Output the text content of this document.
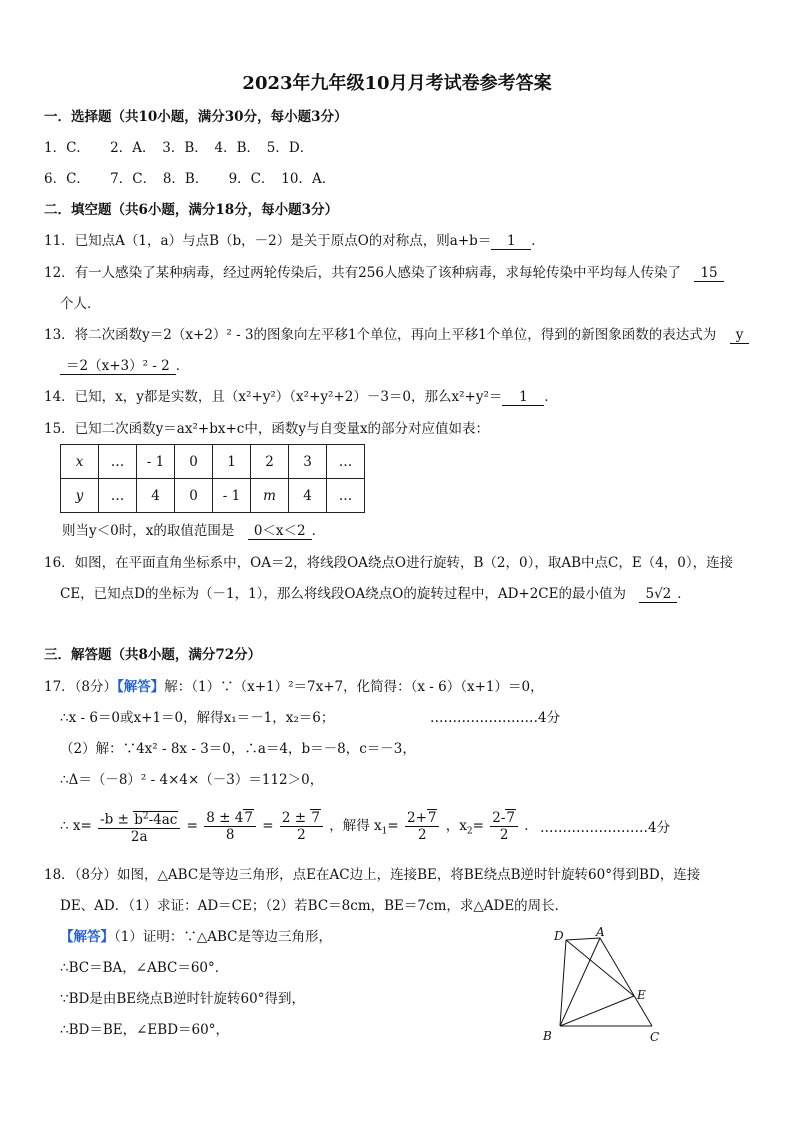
2023年九年级10月月考试卷参考答案
一．选择题（共10小题，满分30分，每小题3分）
1．C．　　2．A．　3．B．　4．B．　5．D．
6．C．　　7．C．　8．B．　　9．C．　10．A．
二．填空题（共6小题，满分18分，每小题3分）
11．已知点A（1，a）与点B（b，－2）是关于原点O的对称点，则a+b＝ 1 ．
12．有一人感染了某种病毒，经过两轮传染后，共有256人感染了该种病毒，求每轮传染中平均每人传染了　 15
个人．
13．将二次函数y＝2（x+2）² - 3的图象向左平移1个单位，再向上平移1个单位，得到的新图象函数的表达式为　 y
＝2（x+3）² - 2 ．
14．已知，x，y都是实数，且（x²+y²）（x²+y²+2）－3＝0，那么x²+y²＝ 1 ．
15．已知二次函数y＝ax²+bx+c中，函数y与自变量x的部分对应值如表：
x	…	- 1	0	1	2	3	…
y	…	4	0	- 1	m	4	…
则当y＜0时，x的取值范围是　 0＜x＜2 ．
16．如图，在平面直角坐标系中，OA＝2，将线段OA绕点O进行旋转，B（2，0），取AB中点C，E（4，0），连接
CE，已知点D的坐标为（－1，1），那么将线段OA绕点O的旋转过程中，AD+2CE的最小值为　 5√2 ．
三．解答题（共8小题，满分72分）
17．（8分）【解答】解：（1）∵（x+1）²＝7x+7，化简得：（x - 6）（x+1）＝0，
∴x - 6＝0或x+1＝0，解得x₁＝－1，x₂＝6；	……………………4分
（2）解：∵4x² - 8x - 3＝0，∴a＝4，b＝－8，c＝－3，
∴Δ＝（－8）² - 4×4×（－3）＝112＞0，
∴ $x= \frac{-b \pm b^2-4ac}{2a} = \frac{8 \pm 47}{8} = \frac{2 \pm 7}{2}$ ，解得 $x_1= \frac{2+7}{2}$ ，$x_2= \frac{2-7}{2}$ ． ……………………4分
18．（8分）如图，△ABC是等边三角形，点E在AC边上，连接BE，将BE绕点B逆时针旋转60°得到BD，连接
DE、AD．（1）求证：AD＝CE；（2）若BC＝8cm，BE＝7cm，求△ADE的周长．
【解答】（1）证明：∵△ABC是等边三角形，
∴BC＝BA，∠ABC＝60°．
∵BD是由BE绕点B逆时针旋转60°得到，
∴BD＝BE，∠EBD＝60°，
D	A
E
B	C
